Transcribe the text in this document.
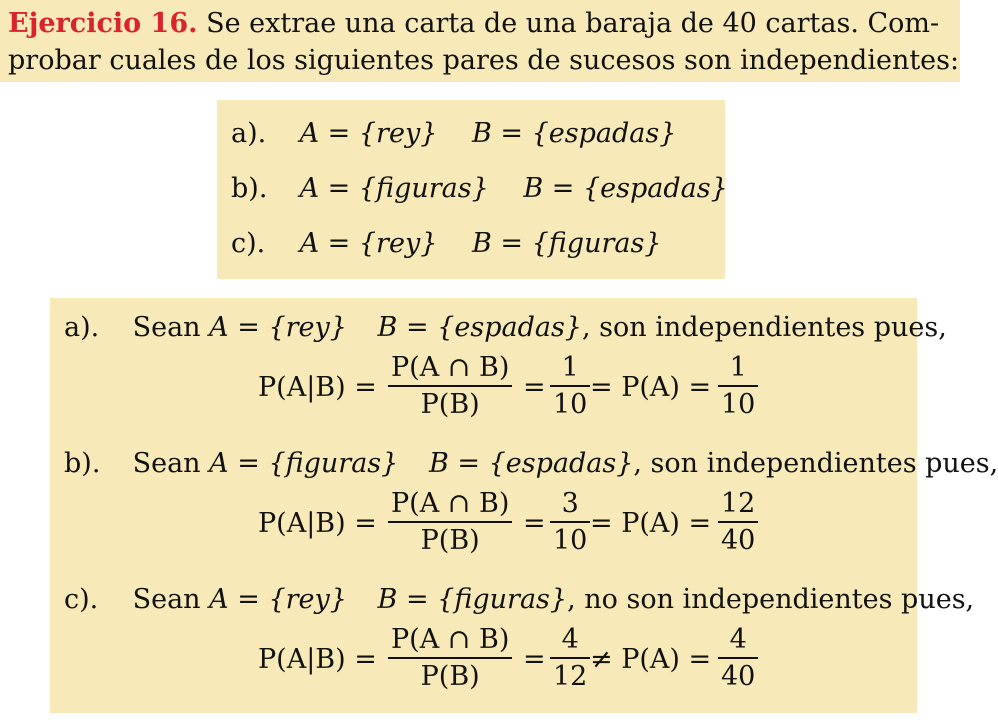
Ejercicio 16. Se extrae una carta de una baraja de 40 cartas. Com-
probar cuales de los siguientes pares de sucesos son independientes:
a). A = {rey} B = {espadas}
b). A = {figuras} B = {espadas}
c). A = {rey} B = {figuras}
a). Sean A = {rey} B = {espadas}, son independientes pues,
P(A|B) =
P(A ∩ B)
P(B)
=
1
10
= P(A) =
1
10
b). Sean A = {figuras} B = {espadas}, son independientes pues,
P(A|B) =
P(A ∩ B)
P(B)
=
3
10
= P(A) =
12
40
c). Sean A = {rey} B = {figuras}, no son independientes pues,
P(A|B) =
P(A ∩ B)
P(B)
=
4
12
≠ P(A) =
4
40
